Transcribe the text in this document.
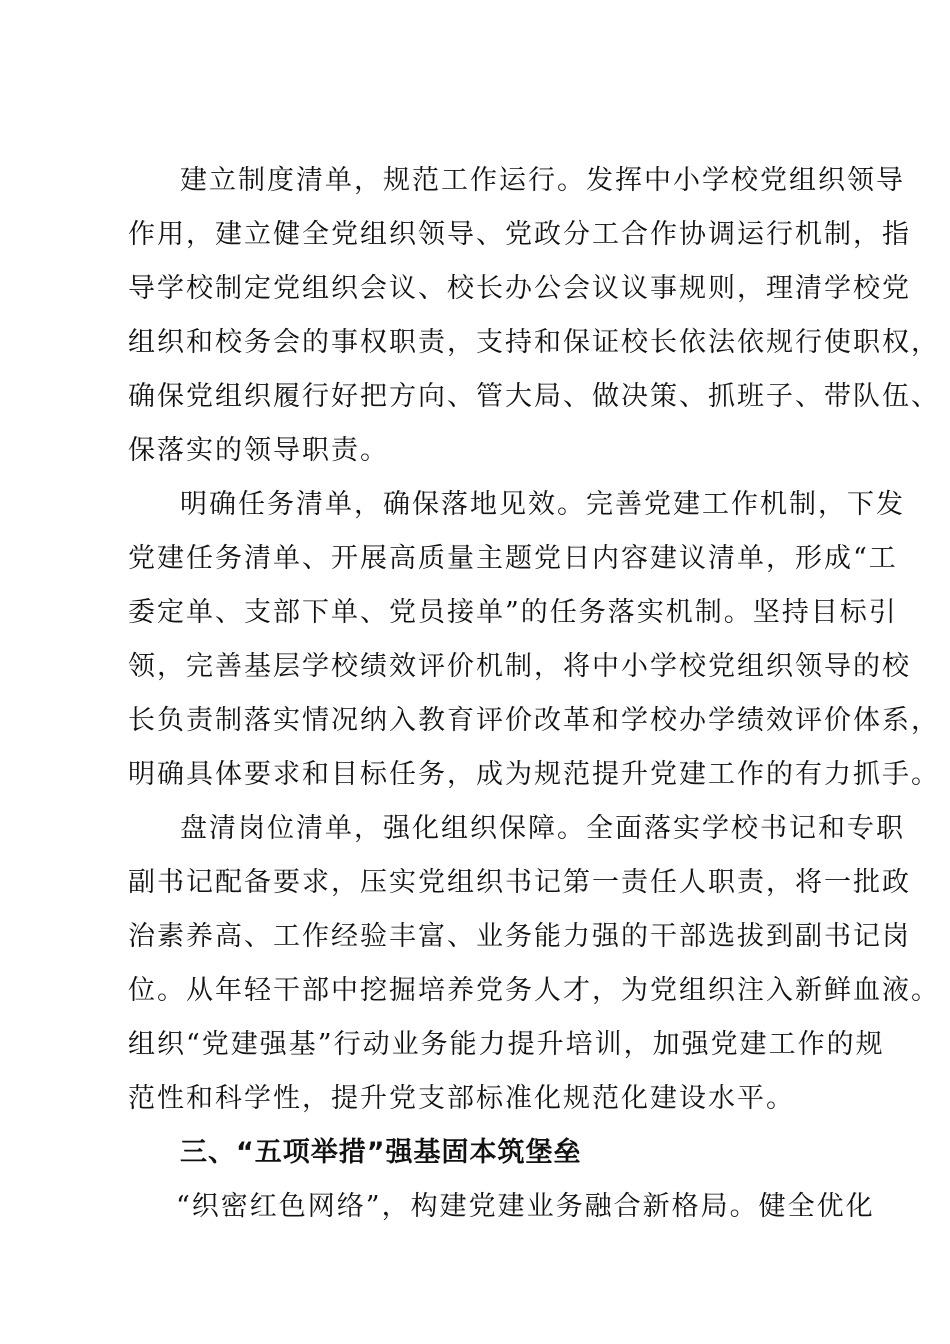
建立制度清单，规范工作运行。发挥中小学校党组织领导
作用，建立健全党组织领导、党政分工合作协调运行机制，指
导学校制定党组织会议、校长办公会议议事规则，理清学校党
组织和校务会的事权职责，支持和保证校长依法依规行使职权，
确保党组织履行好把方向、管大局、做决策、抓班子、带队伍、
保落实的领导职责。
明确任务清单，确保落地见效。完善党建工作机制，下发
党建任务清单、开展高质量主题党日内容建议清单，形成“工
委定单、支部下单、党员接单”的任务落实机制。坚持目标引
领，完善基层学校绩效评价机制，将中小学校党组织领导的校
长负责制落实情况纳入教育评价改革和学校办学绩效评价体系，
明确具体要求和目标任务，成为规范提升党建工作的有力抓手。
盘清岗位清单，强化组织保障。全面落实学校书记和专职
副书记配备要求，压实党组织书记第一责任人职责，将一批政
治素养高、工作经验丰富、业务能力强的干部选拔到副书记岗
位。从年轻干部中挖掘培养党务人才，为党组织注入新鲜血液。
组织“党建强基”行动业务能力提升培训，加强党建工作的规
范性和科学性，提升党支部标准化规范化建设水平。
三、“五项举措”强基固本筑堡垒
“织密红色网络”，构建党建业务融合新格局。健全优化
